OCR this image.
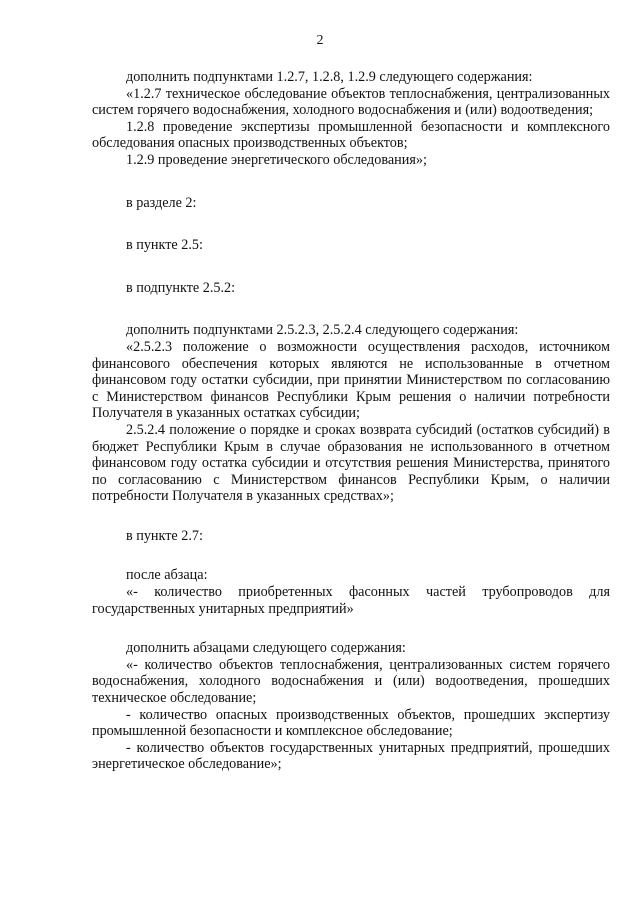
2

дополнить подпунктами 1.2.7, 1.2.8, 1.2.9 следующего содержания:

«1.2.7 техническое обследование объектов теплоснабжения, централизованных систем горячего водоснабжения, холодного водоснабжения и (или) водоотведения;

1.2.8 проведение экспертизы промышленной безопасности и комплексного обследования опасных производственных объектов;

1.2.9 проведение энергетического обследования»;

в разделе 2:

в пункте 2.5:

в подпункте 2.5.2:

дополнить подпунктами 2.5.2.3, 2.5.2.4 следующего содержания:

«2.5.2.3 положение о возможности осуществления расходов, источником финансового обеспечения которых являются не использованные в отчетном финансовом году остатки субсидии, при принятии Министерством по согласованию с Министерством финансов Республики Крым решения о наличии потребности Получателя в указанных остатках субсидии;

2.5.2.4 положение о порядке и сроках возврата субсидий (остатков субсидий) в бюджет Республики Крым в случае образования не использованного в отчетном финансовом году остатка субсидии и отсутствия решения Министерства, принятого по согласованию с Министерством финансов Республики Крым, о наличии потребности Получателя в указанных средствах»;

в пункте 2.7:

после абзаца:

«- количество приобретенных фасонных частей трубопроводов для государственных унитарных предприятий»

дополнить абзацами следующего содержания:

«- количество объектов теплоснабжения, централизованных систем горячего водоснабжения, холодного водоснабжения и (или) водоотведения, прошедших техническое обследование;

- количество опасных производственных объектов, прошедших экспертизу промышленной безопасности и комплексное обследование;

- количество объектов государственных унитарных предприятий, прошедших энергетическое обследование»;
